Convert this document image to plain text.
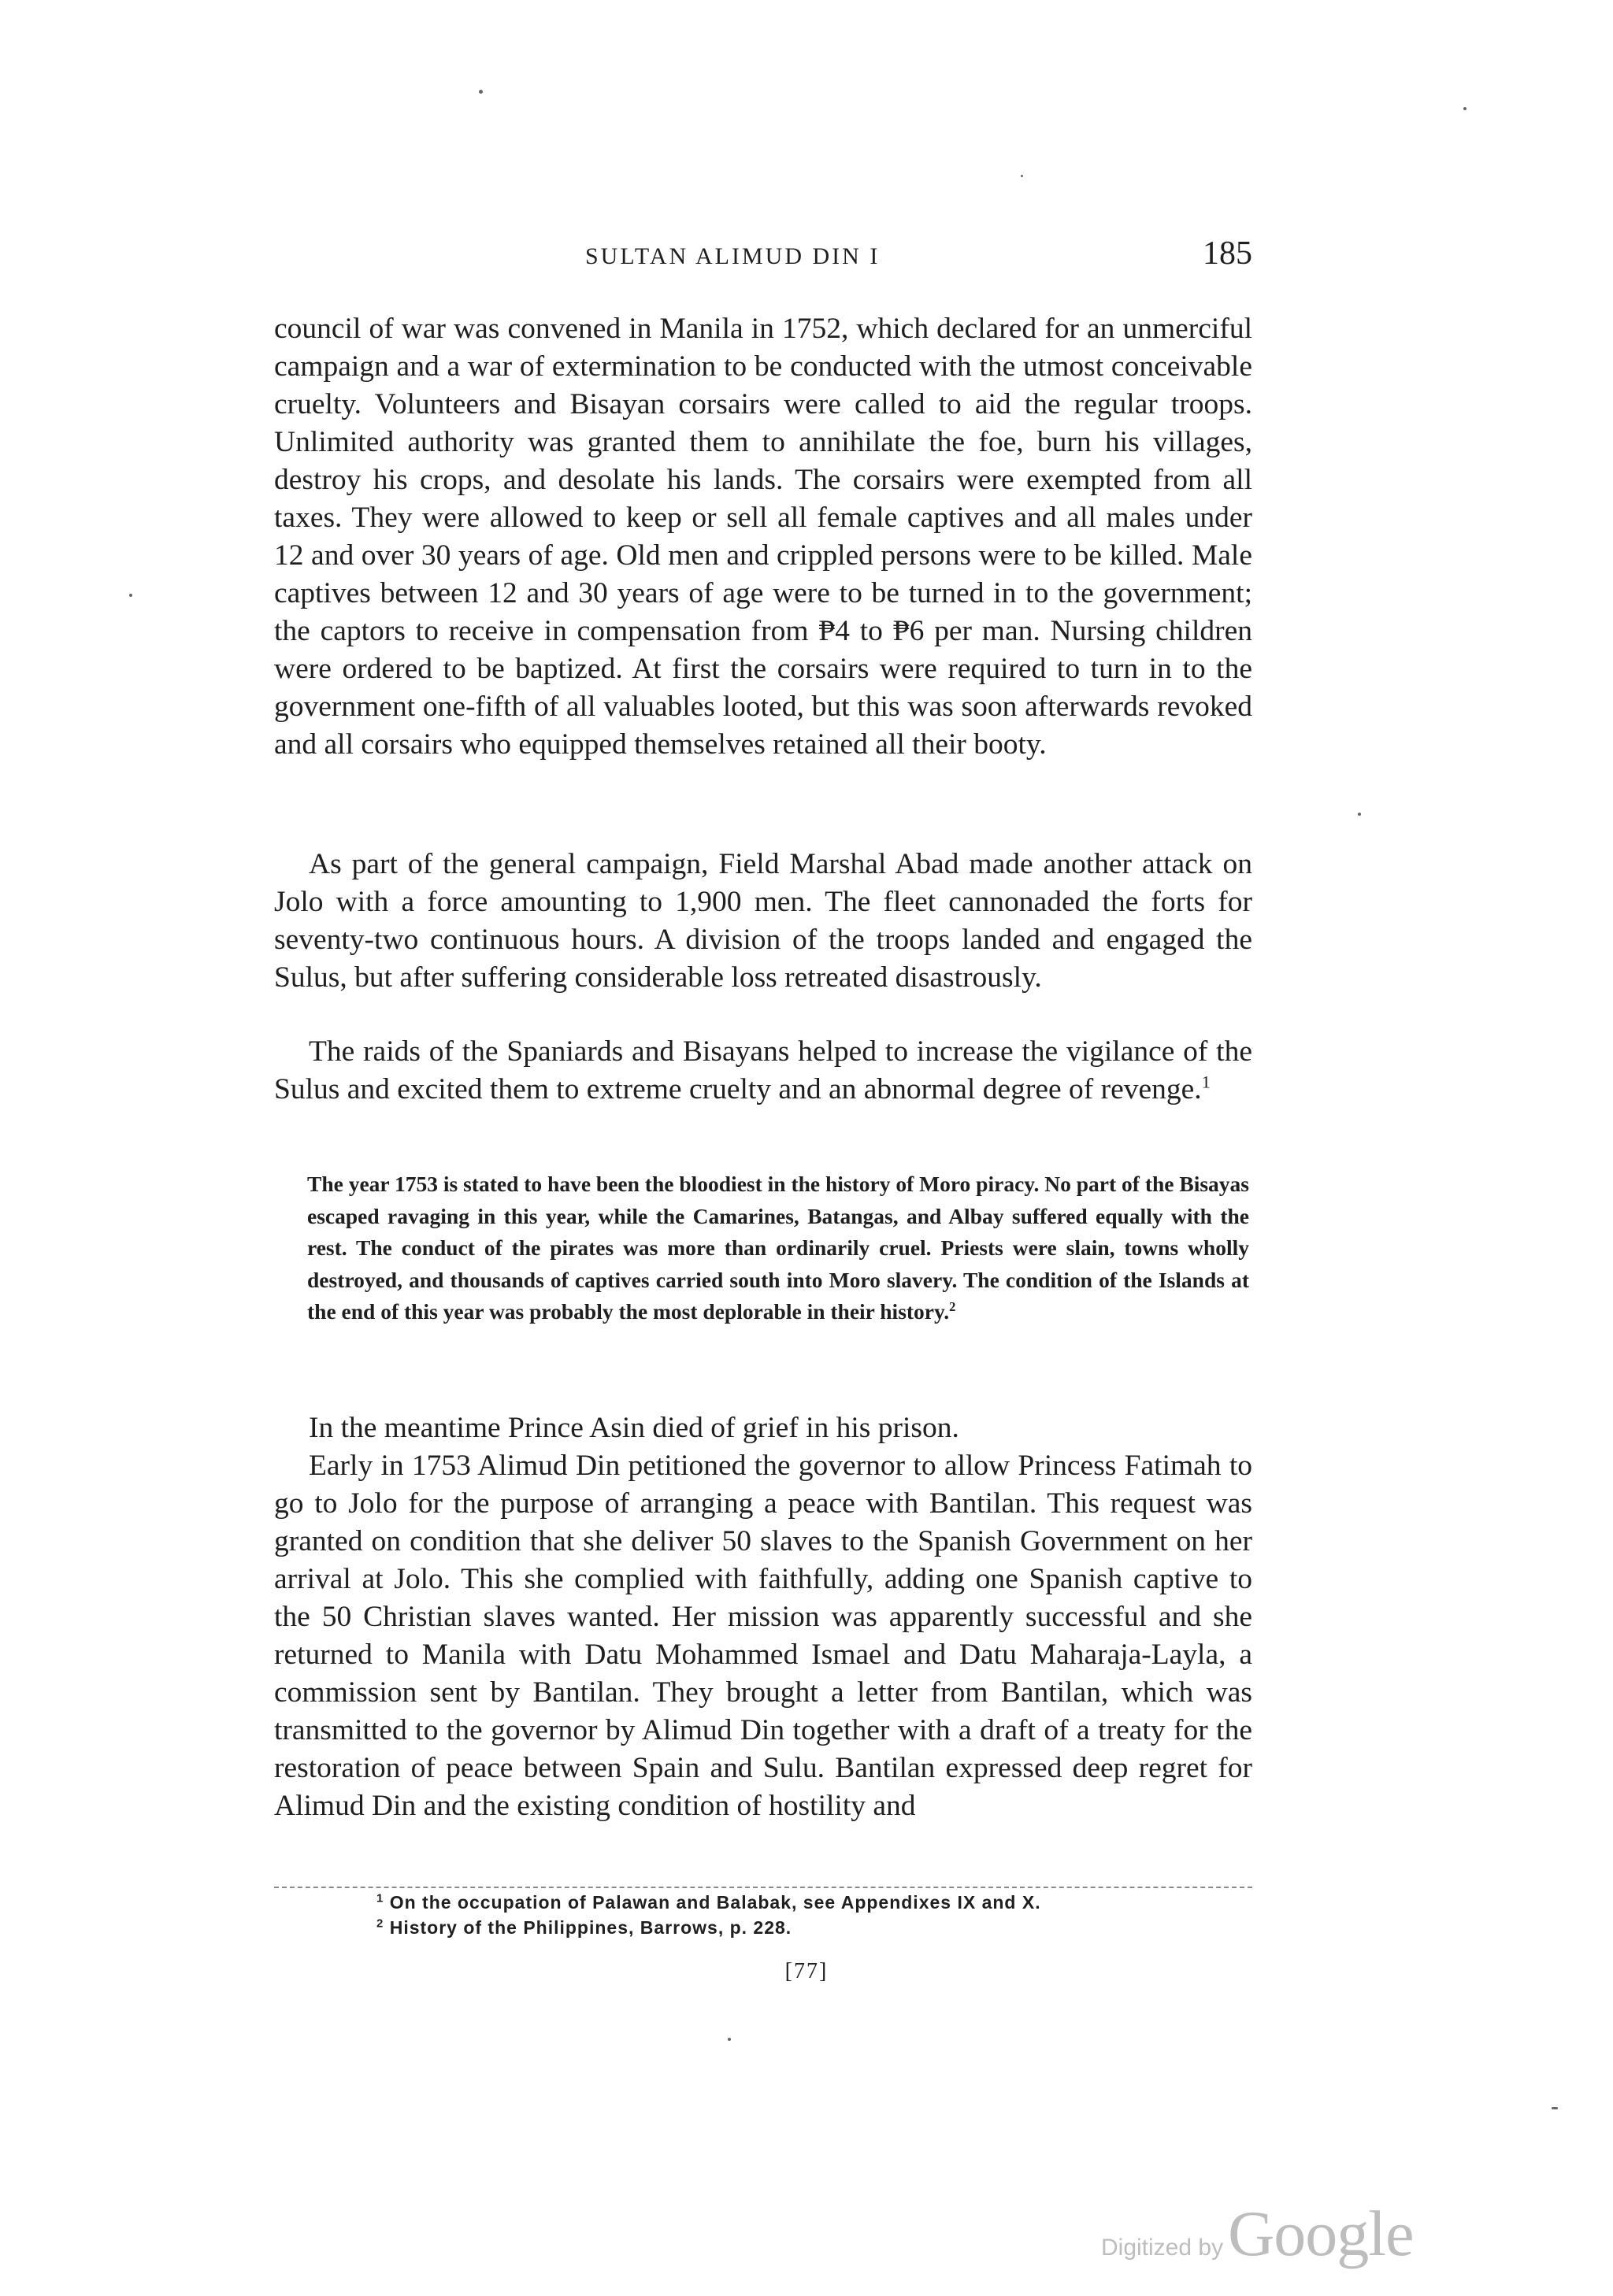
SULTAN ALIMUD DIN I	185

council of war was convened in Manila in 1752, which declared for an unmerciful campaign and a war of extermination to be conducted with the utmost conceivable cruelty. Volunteers and Bisayan corsairs were called to aid the regular troops. Unlimited authority was granted them to annihilate the foe, burn his villages, destroy his crops, and desolate his lands. The corsairs were exempted from all taxes. They were allowed to keep or sell all female captives and all males under 12 and over 30 years of age. Old men and crippled persons were to be killed. Male captives between 12 and 30 years of age were to be turned in to the government; the captors to receive in compensation from ₱4 to ₱6 per man. Nursing children were ordered to be baptized. At first the corsairs were required to turn in to the government one-fifth of all valuables looted, but this was soon afterwards revoked and all corsairs who equipped themselves retained all their booty.

As part of the general campaign, Field Marshal Abad made another attack on Jolo with a force amounting to 1,900 men. The fleet cannonaded the forts for seventy-two continuous hours. A division of the troops landed and engaged the Sulus, but after suffering considerable loss retreated disastrously.

The raids of the Spaniards and Bisayans helped to increase the vigilance of the Sulus and excited them to extreme cruelty and an abnormal degree of revenge.$^1$

The year 1753 is stated to have been the bloodiest in the history of Moro piracy. No part of the Bisayas escaped ravaging in this year, while the Camarines, Batangas, and Albay suffered equally with the rest. The conduct of the pirates was more than ordinarily cruel. Priests were slain, towns wholly destroyed, and thousands of captives carried south into Moro slavery. The condition of the Islands at the end of this year was probably the most deplorable in their history.$^2$

In the meantime Prince Asin died of grief in his prison.

Early in 1753 Alimud Din petitioned the governor to allow Princess Fatimah to go to Jolo for the purpose of arranging a peace with Bantilan. This request was granted on condition that she deliver 50 slaves to the Spanish Government on her arrival at Jolo. This she complied with faithfully, adding one Spanish captive to the 50 Christian slaves wanted. Her mission was apparently successful and she returned to Manila with Datu Mohammed Ismael and Datu Maharaja-Layla, a commission sent by Bantilan. They brought a letter from Bantilan, which was transmitted to the governor by Alimud Din together with a draft of a treaty for the restoration of peace between Spain and Sulu. Bantilan expressed deep regret for Alimud Din and the existing condition of hostility and

$^1$ On the occupation of Palawan and Balabak, see Appendixes IX and X.
$^2$ History of the Philippines, Barrows, p. 228.
[77]
Digitized by Google
